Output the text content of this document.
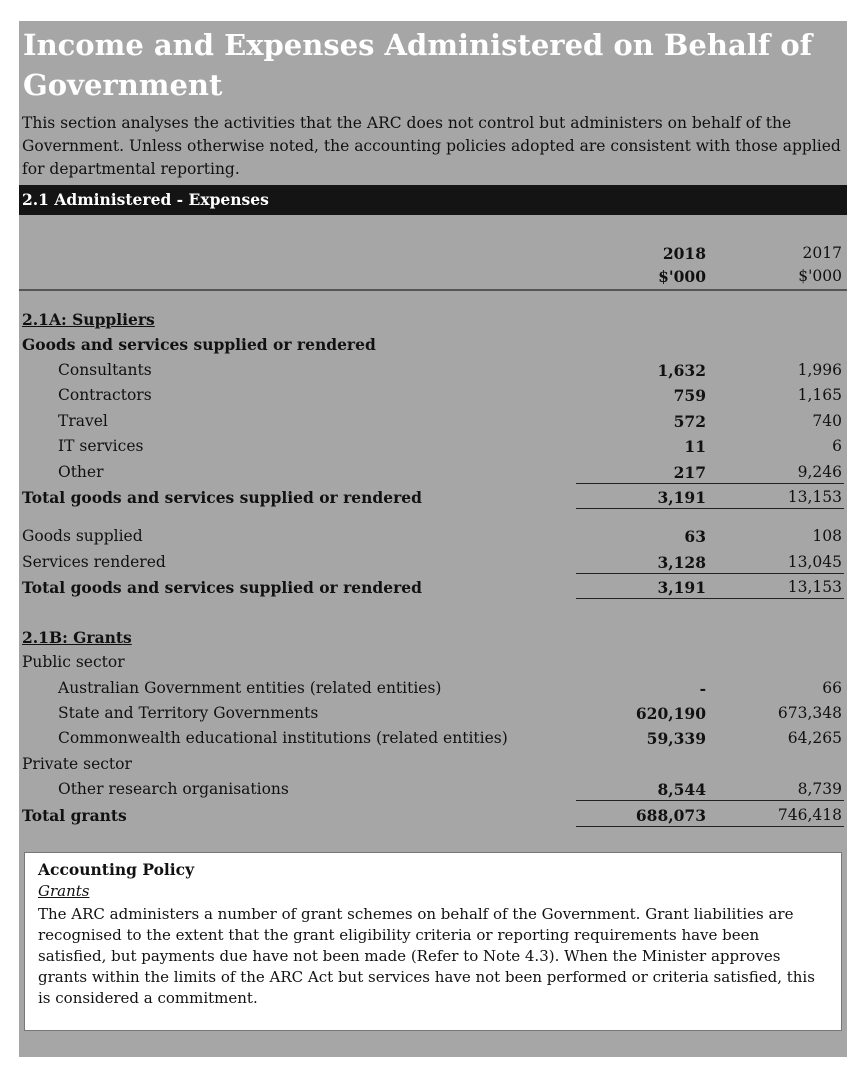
Income and Expenses Administered on Behalf of Government

This section analyses the activities that the ARC does not control but administers on behalf of the Government. Unless otherwise noted, the accounting policies adopted are consistent with those applied for departmental reporting.

2.1 Administered - Expenses
2018	2017
$'000	$'000
2.1A: Suppliers
Goods and services supplied or rendered
Consultants	1,632	1,996
Contractors	759	1,165
Travel	572	740
IT services	11	6
Other	217	9,246
Total goods and services supplied or rendered	3,191	13,153
Goods supplied	63	108
Services rendered	3,128	13,045
Total goods and services supplied or rendered	3,191	13,153
2.1B: Grants
Public sector
Australian Government entities (related entities)	-	66
State and Territory Governments	620,190	673,348
Commonwealth educational institutions (related entities)	59,339	64,265
Private sector
Other research organisations	8,544	8,739
Total grants	688,073	746,418
Accounting Policy
Grants

The ARC administers a number of grant schemes on behalf of the Government. Grant liabilities are recognised to the extent that the grant eligibility criteria or reporting requirements have been satisfied, but payments due have not been made (Refer to Note 4.3). When the Minister approves grants within the limits of the ARC Act but services have not been performed or criteria satisfied, this is considered a commitment.
